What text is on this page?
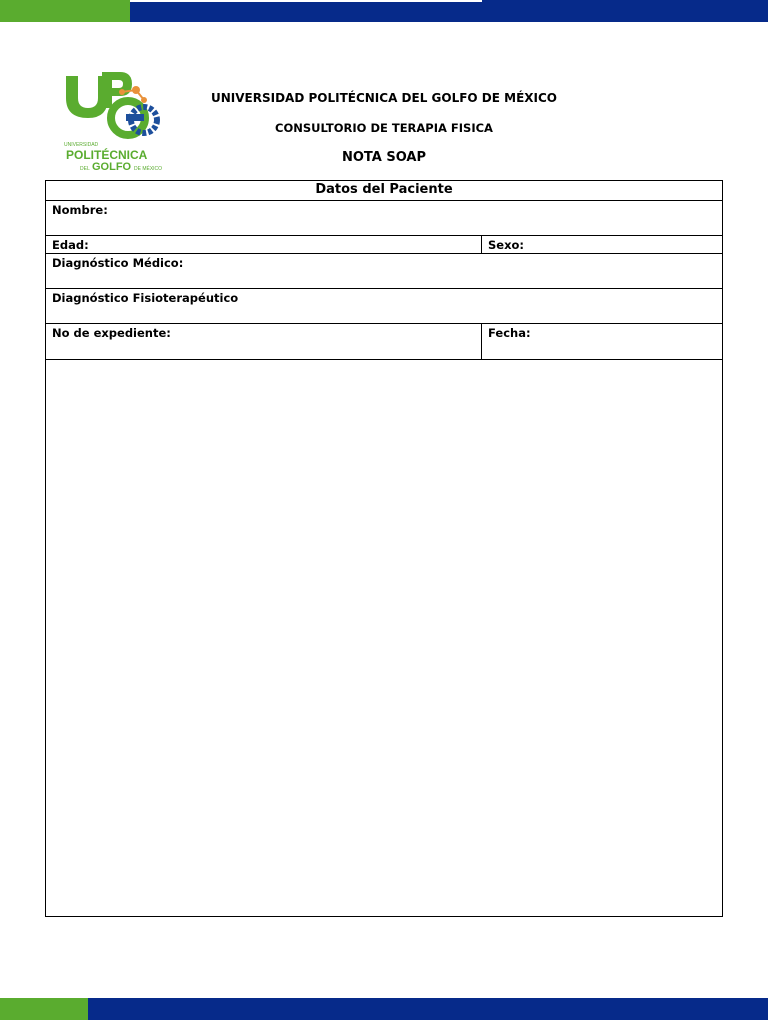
UNIVERSIDAD
POLITÉCNICA
DEL GOLFO DE MÉXICO
UNIVERSIDAD POLITÉCNICA DEL GOLFO DE MÉXICO
CONSULTORIO DE TERAPIA FISICA
NOTA SOAP
Datos del Paciente
Nombre:
Edad:	Sexo:
Diagnóstico Médico:
Diagnóstico Fisioterapéutico
No de expediente:	Fecha:
